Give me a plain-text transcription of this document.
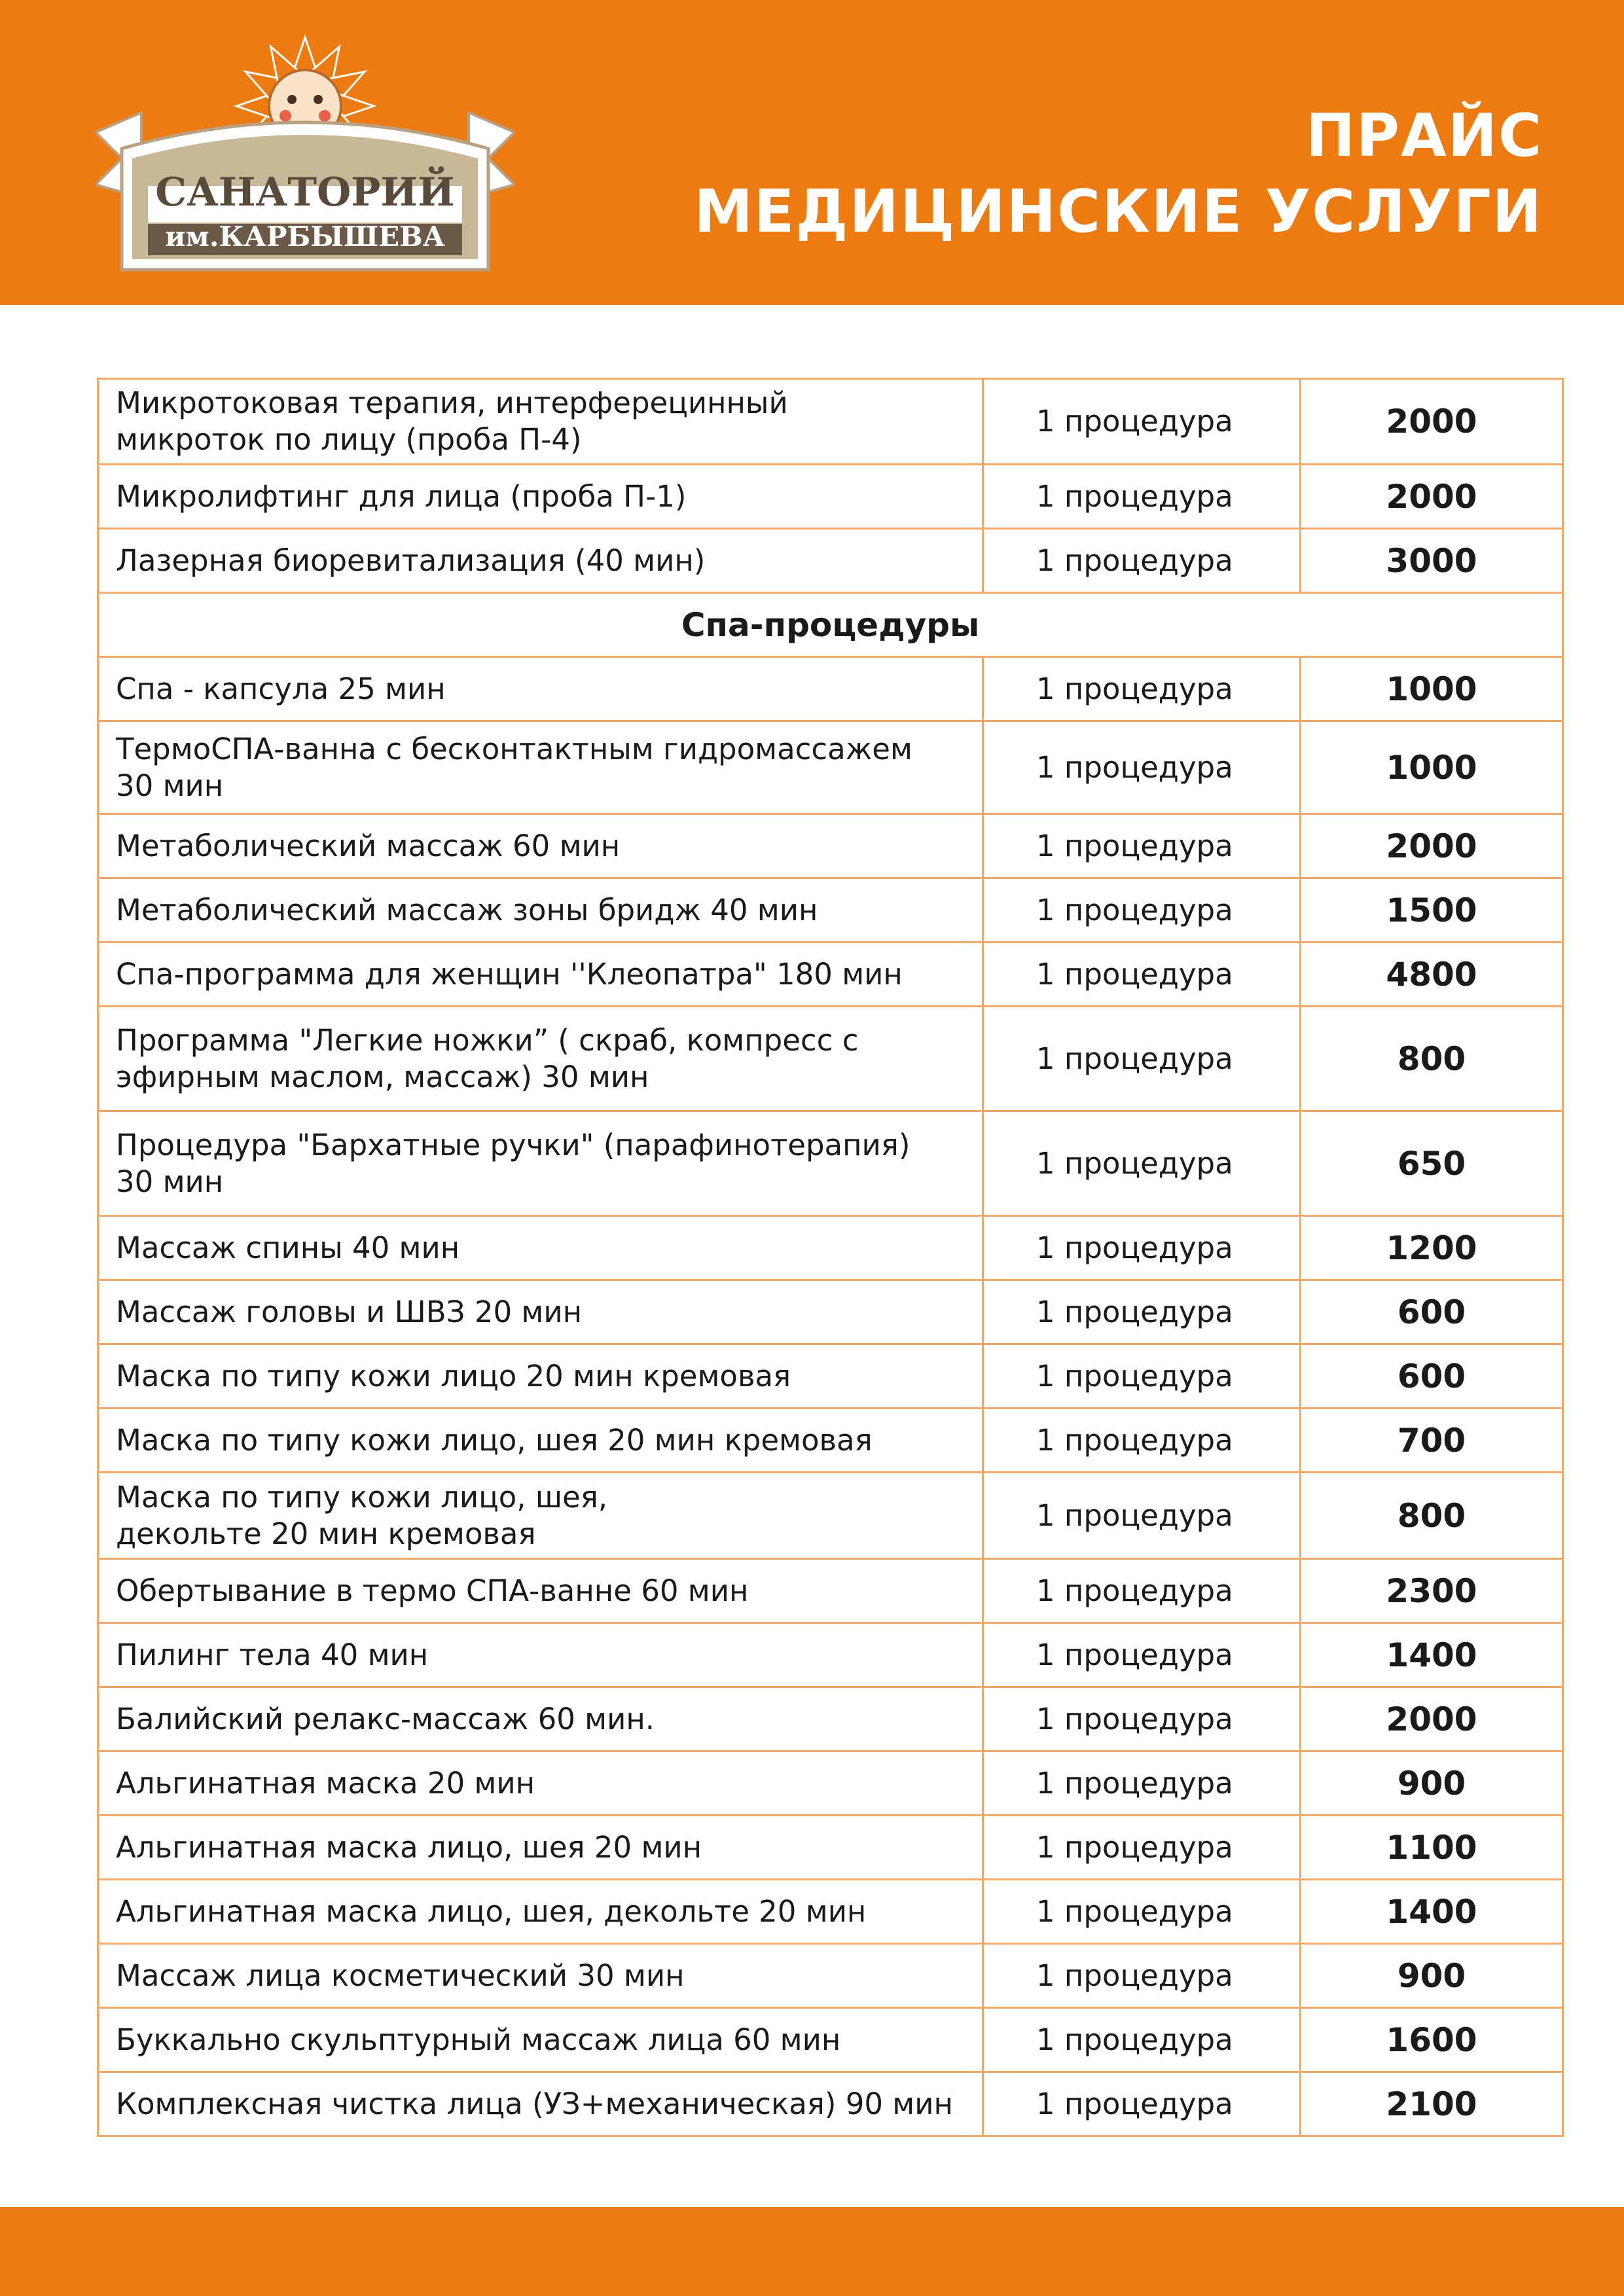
САНАТОРИЙ
им.КАРБЫШЕВА
ПРАЙС
МЕДИЦИНСКИЕ УСЛУГИ
Микротоковая терапия, интерферецинный
микроток по лицу (проба П-4)	1 процедура	2000
Микролифтинг для лица (проба П-1)	1 процедура	2000
Лазерная биоревитализация (40 мин)	1 процедура	3000
Спа-процедуры		
Спа - капсула 25 мин	1 процедура	1000
ТермоСПА-ванна с бесконтактным гидромассажем
30 мин	1 процедура	1000
Метаболический массаж 60 мин	1 процедура	2000
Метаболический массаж зоны бридж 40 мин	1 процедура	1500
Спа-программа для женщин ''Клеопатра" 180 мин	1 процедура	4800
Программа "Легкие ножки” ( скраб, компресс с
эфирным маслом, массаж) 30 мин	1 процедура	800
Процедура "Бархатные ручки" (парафинотерапия)
30 мин	1 процедура	650
Массаж спины 40 мин	1 процедура	1200
Массаж головы и ШВЗ 20 мин	1 процедура	600
Маска по типу кожи лицо 20 мин кремовая	1 процедура	600
Маска по типу кожи лицо, шея 20 мин кремовая	1 процедура	700
Маска по типу кожи лицо, шея,
декольте 20 мин кремовая	1 процедура	800
Обертывание в термо СПА-ванне 60 мин	1 процедура	2300
Пилинг тела 40 мин	1 процедура	1400
Балийский релакс-массаж 60 мин.	1 процедура	2000
Альгинатная маска 20 мин	1 процедура	900
Альгинатная маска лицо, шея 20 мин	1 процедура	1100
Альгинатная маска лицо, шея, декольте 20 мин	1 процедура	1400
Массаж лица косметический 30 мин	1 процедура	900
Буккально скульптурный массаж лица 60 мин	1 процедура	1600
Комплексная чистка лица (УЗ+механическая) 90 мин	1 процедура	2100
